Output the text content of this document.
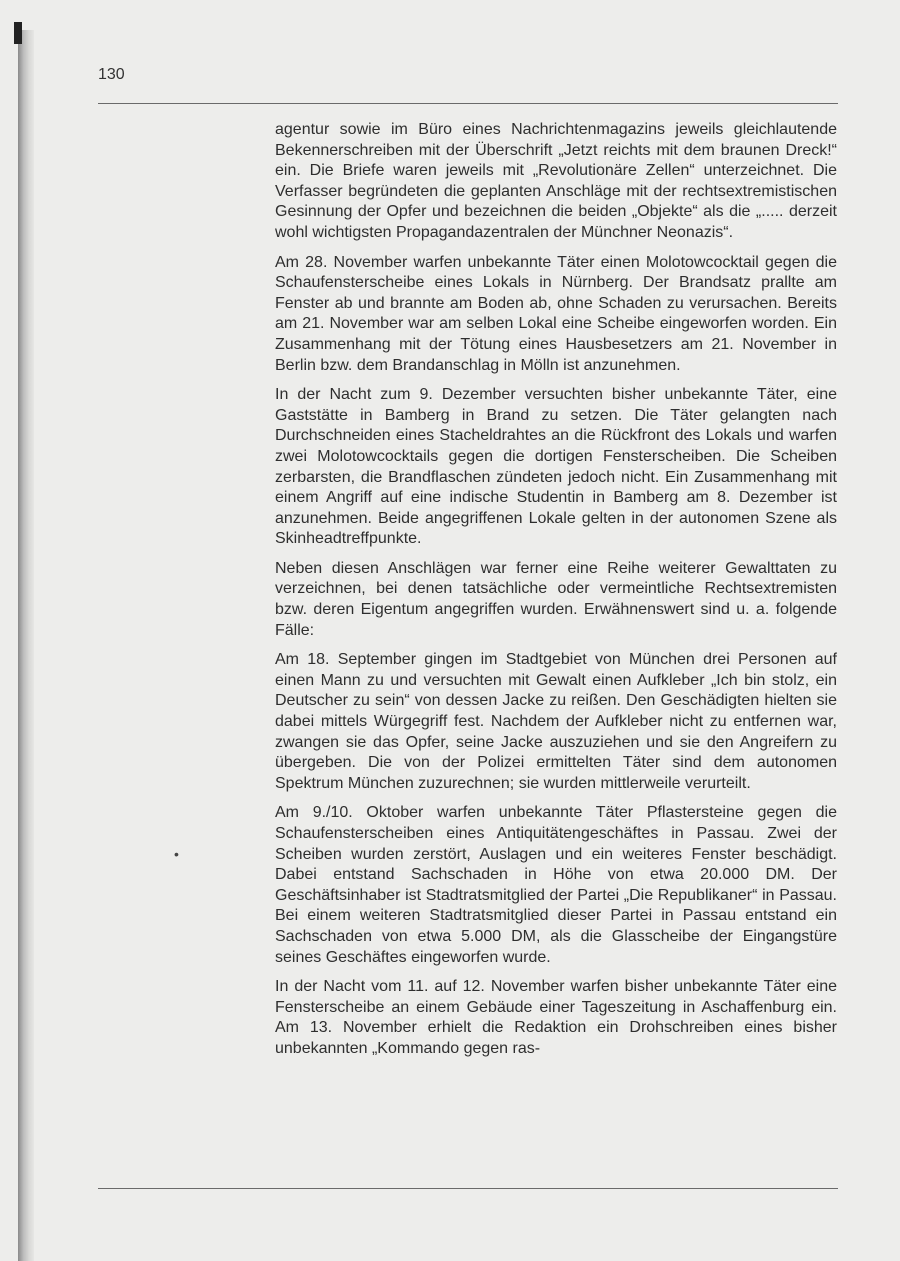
130

agentur sowie im Büro eines Nachrichtenmagazins jeweils gleichlautende Bekennerschreiben mit der Überschrift „Jetzt reichts mit dem braunen Dreck!“ ein. Die Briefe waren jeweils mit „Revolutionäre Zellen“ unterzeichnet. Die Verfasser begründeten die geplanten Anschläge mit der rechtsextremistischen Gesinnung der Opfer und bezeichnen die beiden „Objekte“ als die „..... derzeit wohl wichtigsten Propagandazentralen der Münchner Neonazis“.

Am 28. November warfen unbekannte Täter einen Molotowcocktail gegen die Schaufensterscheibe eines Lokals in Nürnberg. Der Brandsatz prallte am Fenster ab und brannte am Boden ab, ohne Schaden zu verursachen. Bereits am 21. November war am selben Lokal eine Scheibe eingeworfen worden. Ein Zusammenhang mit der Tötung eines Hausbesetzers am 21. November in Berlin bzw. dem Brandanschlag in Mölln ist anzunehmen.

In der Nacht zum 9. Dezember versuchten bisher unbekannte Täter, eine Gaststätte in Bamberg in Brand zu setzen. Die Täter gelangten nach Durchschneiden eines Stacheldrahtes an die Rückfront des Lokals und warfen zwei Molotowcocktails gegen die dortigen Fensterscheiben. Die Scheiben zerbarsten, die Brandflaschen zündeten jedoch nicht. Ein Zusammenhang mit einem Angriff auf eine indische Studentin in Bamberg am 8. Dezember ist anzunehmen. Beide angegriffenen Lokale gelten in der autonomen Szene als Skinheadtreffpunkte.

Neben diesen Anschlägen war ferner eine Reihe weiterer Gewalttaten zu verzeichnen, bei denen tatsächliche oder vermeintliche Rechtsextremisten bzw. deren Eigentum angegriffen wurden. Erwähnenswert sind u. a. folgende Fälle:

Am 18. September gingen im Stadtgebiet von München drei Personen auf einen Mann zu und versuchten mit Gewalt einen Aufkleber „Ich bin stolz, ein Deutscher zu sein“ von dessen Jacke zu reißen. Den Geschädigten hielten sie dabei mittels Würgegriff fest. Nachdem der Aufkleber nicht zu entfernen war, zwangen sie das Opfer, seine Jacke auszuziehen und sie den Angreifern zu übergeben. Die von der Polizei ermittelten Täter sind dem autonomen Spektrum München zuzurechnen; sie wurden mittlerweile verurteilt.

Am 9./10. Oktober warfen unbekannte Täter Pflastersteine gegen die Schaufensterscheiben eines Antiquitätengeschäftes in Passau. Zwei der Scheiben wurden zerstört, Auslagen und ein weiteres Fenster beschädigt. Dabei entstand Sachschaden in Höhe von etwa 20.000 DM. Der Geschäftsinhaber ist Stadtratsmitglied der Partei „Die Republikaner“ in Passau. Bei einem weiteren Stadtratsmitglied dieser Partei in Passau entstand ein Sachschaden von etwa 5.000 DM, als die Glasscheibe der Eingangstüre seines Geschäftes eingeworfen wurde.

In der Nacht vom 11. auf 12. November warfen bisher unbekannte Täter eine Fensterscheibe an einem Gebäude einer Tageszeitung in Aschaffenburg ein. Am 13. November erhielt die Redaktion ein Drohschreiben eines bisher unbekannten „Kommando gegen ras-

•
